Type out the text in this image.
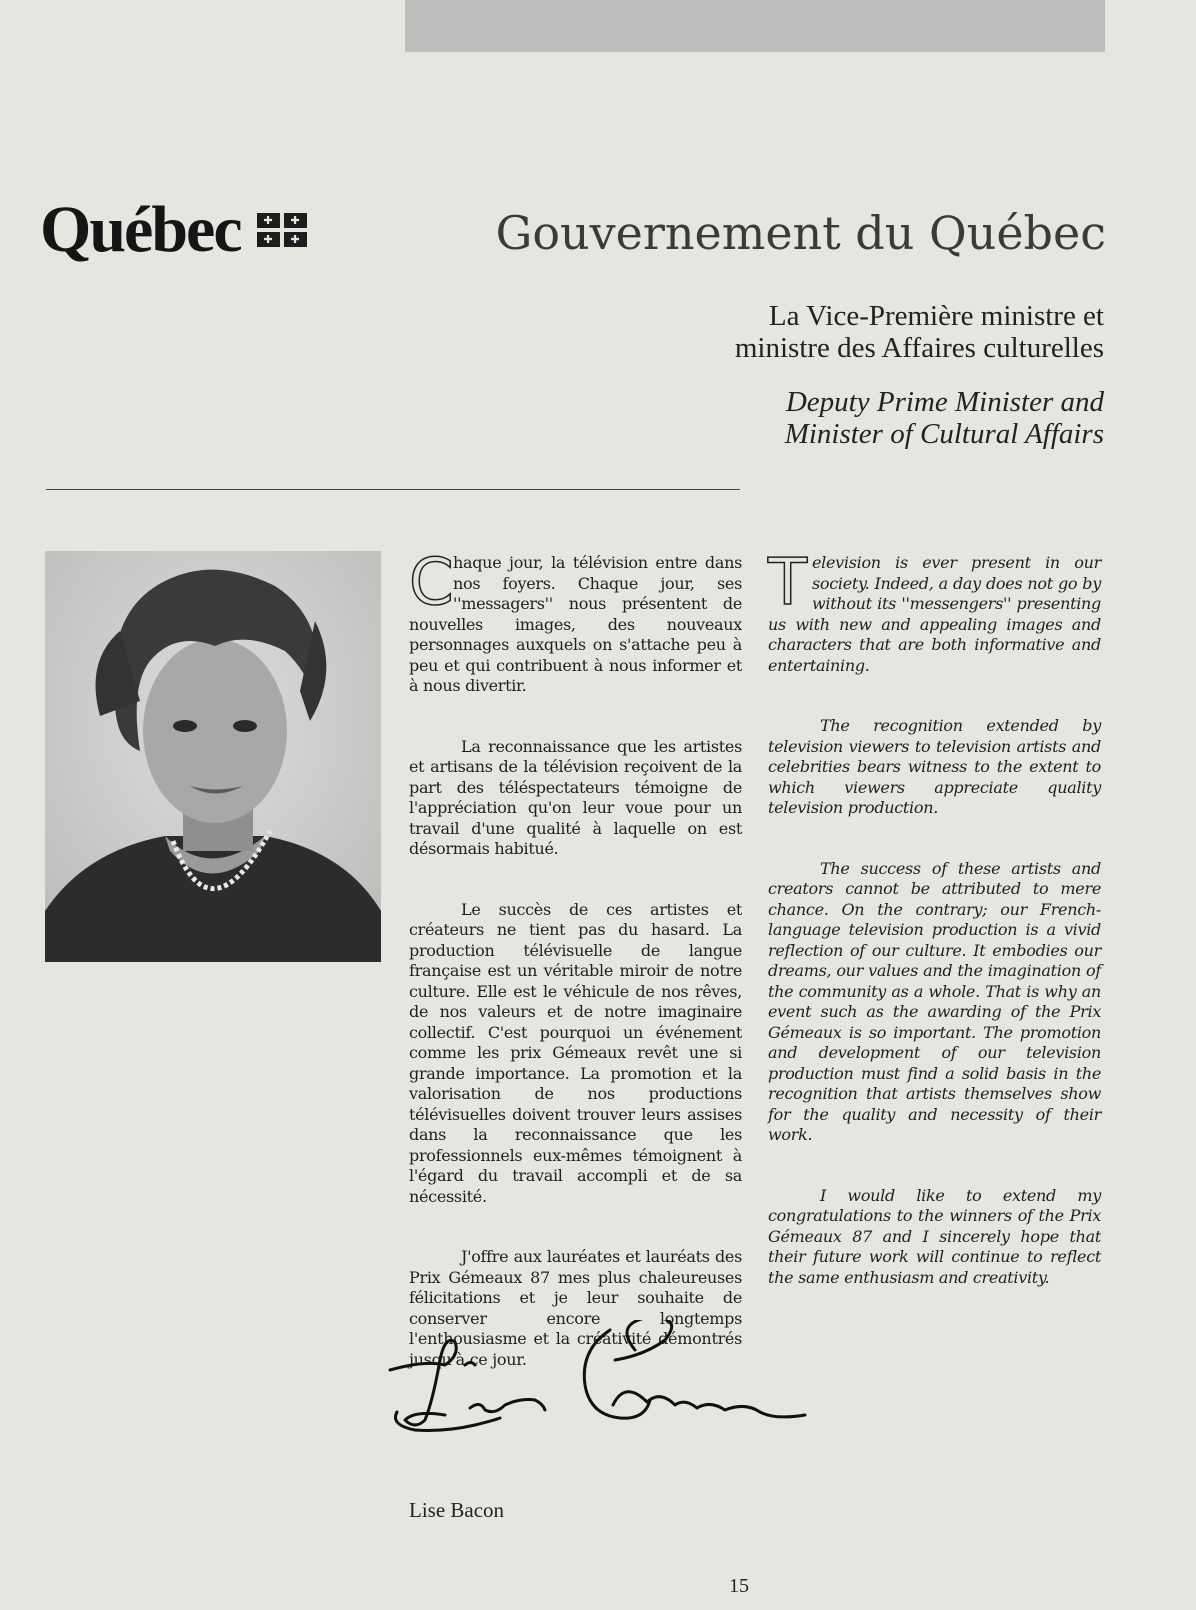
Québec	✚	✚
✚	✚	Gouvernement du Québec
La Vice-Première ministre et
ministre des Affaires culturelles
Deputy Prime Minister and
Minister of Cultural Affairs

Chaque jour, la télévision entre dans nos foyers. Chaque jour, ses ''messagers'' nous présentent de nouvelles images, des nouveaux personnages auxquels on s'attache peu à peu et qui contribuent à nous informer et à nous divertir.

La reconnaissance que les artistes et artisans de la télévision reçoivent de la part des téléspectateurs témoigne de l'appréciation qu'on leur voue pour un travail d'une qualité à laquelle on est désormais habitué.

Le succès de ces artistes et créateurs ne tient pas du hasard. La production télévisuelle de langue française est un véritable miroir de notre culture. Elle est le véhicule de nos rêves, de nos valeurs et de notre imaginaire collectif. C'est pourquoi un événement comme les prix Gémeaux revêt une si grande importance. La promotion et la valorisation de nos productions télévisuelles doivent trouver leurs assises dans la reconnaissance que les professionnels eux-mêmes témoignent à l'égard du travail accompli et de sa nécessité.

J'offre aux lauréates et lauréats des Prix Gémeaux 87 mes plus chaleureuses félicitations et je leur souhaite de conserver encore longtemps l'enthousiasme et la créativité démontrés jusqu'à ce jour.

Television is ever present in our society. Indeed, a day does not go by without its ''messengers'' presenting us with new and appealing images and characters that are both informative and entertaining.

The recognition extended by television viewers to television artists and celebrities bears witness to the extent to which viewers appreciate quality television production.

The success of these artists and creators cannot be attributed to mere chance. On the contrary; our French-language television production is a vivid reflection of our culture. It embodies our dreams, our values and the imagination of the community as a whole. That is why an event such as the awarding of the Prix Gémeaux is so important. The promotion and development of our television production must find a solid basis in the recognition that artists themselves show for the quality and necessity of their work.

I would like to extend my congratulations to the winners of the Prix Gémeaux 87 and I sincerely hope that their future work will continue to reflect the same enthusiasm and creativity.

Lise Bacon
15
